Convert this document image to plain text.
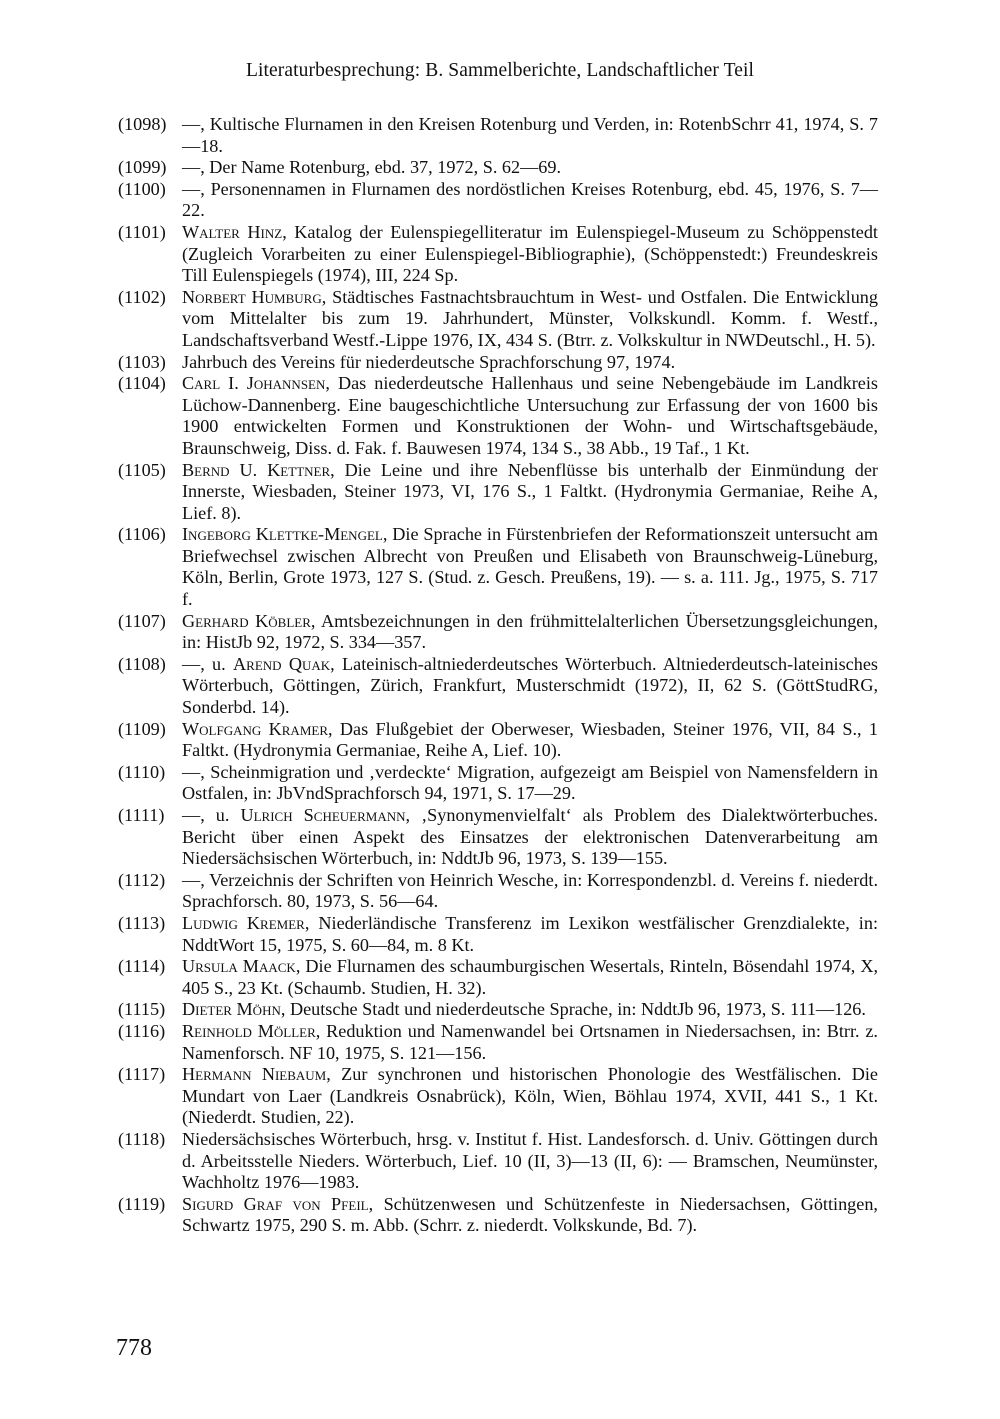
Literaturbesprechung: B. Sammelberichte, Landschaftlicher Teil
(1098) —, Kultische Flurnamen in den Kreisen Rotenburg und Verden, in: RotenbSchrr 41, 1974, S. 7—18.
(1099) —, Der Name Rotenburg, ebd. 37, 1972, S. 62—69.
(1100) —, Personennamen in Flurnamen des nordöstlichen Kreises Rotenburg, ebd. 45, 1976, S. 7—22.
(1101) Walter Hinz, Katalog der Eulenspiegelliteratur im Eulenspiegel-Museum zu Schöppenstedt (Zugleich Vorarbeiten zu einer Eulenspiegel-Bibliographie), (Schöppenstedt:) Freundeskreis Till Eulenspiegels (1974), III, 224 Sp.
(1102) Norbert Humburg, Städtisches Fastnachtsbrauchtum in West- und Ostfalen. Die Entwicklung vom Mittelalter bis zum 19. Jahrhundert, Münster, Volkskundl. Komm. f. Westf., Landschaftsverband Westf.-Lippe 1976, IX, 434 S. (Btrr. z. Volkskultur in NWDeutschl., H. 5).
(1103) Jahrbuch des Vereins für niederdeutsche Sprachforschung 97, 1974.
(1104) Carl I. Johannsen, Das niederdeutsche Hallenhaus und seine Nebengebäude im Landkreis Lüchow-Dannenberg. Eine baugeschichtliche Untersuchung zur Erfassung der von 1600 bis 1900 entwickelten Formen und Konstruktionen der Wohn- und Wirtschaftsgebäude, Braunschweig, Diss. d. Fak. f. Bauwesen 1974, 134 S., 38 Abb., 19 Taf., 1 Kt.
(1105) Bernd U. Kettner, Die Leine und ihre Nebenflüsse bis unterhalb der Einmündung der Innerste, Wiesbaden, Steiner 1973, VI, 176 S., 1 Faltkt. (Hydronymia Germaniae, Reihe A, Lief. 8).
(1106) Ingeborg Klettke-Mengel, Die Sprache in Fürstenbriefen der Reformationszeit untersucht am Briefwechsel zwischen Albrecht von Preußen und Elisabeth von Braunschweig-Lüneburg, Köln, Berlin, Grote 1973, 127 S. (Stud. z. Gesch. Preußens, 19). — s. a. 111. Jg., 1975, S. 717 f.
(1107) Gerhard Köbler, Amtsbezeichnungen in den frühmittelalterlichen Übersetzungsgleichungen, in: HistJb 92, 1972, S. 334—357.
(1108) —, u. Arend Quak, Lateinisch-altniederdeutsches Wörterbuch. Altniederdeutsch-lateinisches Wörterbuch, Göttingen, Zürich, Frankfurt, Musterschmidt (1972), II, 62 S. (GöttStudRG, Sonderbd. 14).
(1109) Wolfgang Kramer, Das Flußgebiet der Oberweser, Wiesbaden, Steiner 1976, VII, 84 S., 1 Faltkt. (Hydronymia Germaniae, Reihe A, Lief. 10).
(1110) —, Scheinmigration und ‚verdeckte‘ Migration, aufgezeigt am Beispiel von Namensfeldern in Ostfalen, in: JbVndSprachforsch 94, 1971, S. 17—29.
(1111) —, u. Ulrich Scheuermann, ‚Synonymenvielfalt‘ als Problem des Dialektwörterbuches. Bericht über einen Aspekt des Einsatzes der elektronischen Datenverarbeitung am Niedersächsischen Wörterbuch, in: NddtJb 96, 1973, S. 139—155.
(1112) —, Verzeichnis der Schriften von Heinrich Wesche, in: Korrespondenzbl. d. Vereins f. niederdt. Sprachforsch. 80, 1973, S. 56—64.
(1113) Ludwig Kremer, Niederländische Transferenz im Lexikon westfälischer Grenzdialekte, in: NddtWort 15, 1975, S. 60—84, m. 8 Kt.
(1114) Ursula Maack, Die Flurnamen des schaumburgischen Wesertals, Rinteln, Bösendahl 1974, X, 405 S., 23 Kt. (Schaumb. Studien, H. 32).
(1115) Dieter Möhn, Deutsche Stadt und niederdeutsche Sprache, in: NddtJb 96, 1973, S. 111—126.
(1116) Reinhold Möller, Reduktion und Namenwandel bei Ortsnamen in Niedersachsen, in: Btrr. z. Namenforsch. NF 10, 1975, S. 121—156.
(1117) Hermann Niebaum, Zur synchronen und historischen Phonologie des Westfälischen. Die Mundart von Laer (Landkreis Osnabrück), Köln, Wien, Böhlau 1974, XVII, 441 S., 1 Kt. (Niederdt. Studien, 22).
(1118) Niedersächsisches Wörterbuch, hrsg. v. Institut f. Hist. Landesforsch. d. Univ. Göttingen durch d. Arbeitsstelle Nieders. Wörterbuch, Lief. 10 (II, 3)—13 (II, 6): — Bramschen, Neumünster, Wachholtz 1976—1983.
(1119) Sigurd Graf von Pfeil, Schützenwesen und Schützenfeste in Niedersachsen, Göttingen, Schwartz 1975, 290 S. m. Abb. (Schrr. z. niederdt. Volkskunde, Bd. 7).
778
